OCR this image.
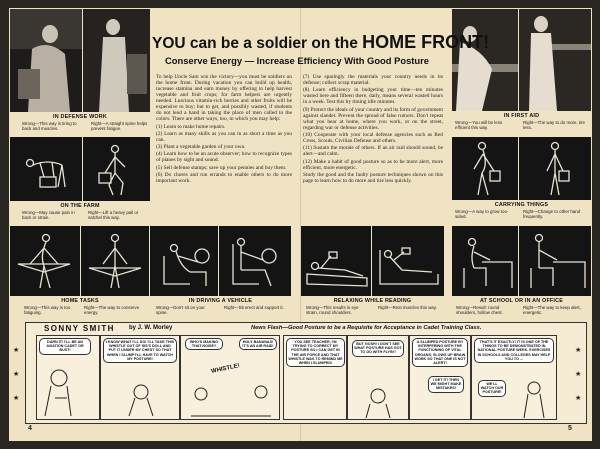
IN DEFENSE WORK
Wrong—This way is tiring to back and muscles.
Right—A straight spine helps prevent fatigue.
IN FIRST AID
Wrong—You will be less efficient this way.
Right—The way to do more, tire less.
YOU can be a soldier on the HOME FRONT!
Conserve Energy — Increase Efficiency With Good Posture

To help Uncle Sam win the victory—you must be soldiers on the home front. During vacation you can build up health, increase stamina and earn money by offering to help harvest vegetable and fruit crops; for farm helpers are urgently needed. Luscious vitamin-rich berries and other fruits will be expensive to buy; but to get, and possibly wasted, if students do not lend a hand in taking the place of men called to the colors. There are other ways, too, in which you may help:

(1) Learn to make home repairs.

(2) Learn as many skills as you can in as short a time as you can.

(3) Plant a vegetable garden of your own.

(4) Learn how to be an acute observer; how to recognize types of planes by sight and sound.

(5) Sell defense stamps; save up your pennies and buy them.

(6) Do chores and run errands to enable others to do more important work.

(7) Use sparingly the materials your country needs in its defense; collect scrap material.

(8) Learn efficiency in budgeting your time—ten minutes wasted here and fifteen there, daily, means several wasted hours in a week. Test this by timing idle minutes.

(9) Protect the ideals of your country and its form of government against slander. Prevent the spread of false rumors. Don't repeat what you hear at home, where you work, or on the street, regarding war or defense activities.

(10) Cooperate with your local defense agencies such as Red Cross, Scouts, Civilian Defense and others.

(11) Sustain the morale of others. If an air raid should sound, be alert—and calm.

(12) Make a habit of good posture so as to be more alert, more efficient, more energetic.

Study the good and the faulty posture techniques shown on this page to learn how to do more and tire less quickly.

ON THE FARM
Wrong—May cause pain in back or strain.
Right—Lift a heavy pail or satchel this way.
CARRYING THINGS
Wrong—A way to grow too-sided.
Right—Change to other hand frequently.
HOME TASKS	IN DRIVING A VEHICLE	RELAXING WHILE READING	AT SCHOOL OR IN AN OFFICE
Wrong—This way is too fatiguing.
Right—The way to conserve energy.
Wrong—Don't sit on your spine.
Right—Sit erect and support it.	Wrong—This results in eye strain, round shoulders.
Right—Rest muscles this way.	Wrong—Result: round shoulders, hollow chest.
Right—The way to keep alert, energetic.
SONNY SMITH by J. W. Morley	News Flash—Good Posture to be a Requisite for Acceptance in Cadet Training Class.
DARN IT! I'LL BE AN AVIATION CADET OR BUST!
I KNOW WHAT I'LL DO! I'LL TAKE THIS WHISTLE OUT OF SIS'S DOLL AND PUT IT UNDER MY CHEST SO THAT WHEN I SLUMP I'LL HAVE TO WATCH MY POSTURE!
WHO'S MAKING THAT NOISE?
HOLY BANANAS! IT'S AN AIR RAID!
WHISTLE!
YOU SEE TEACHER, I'M TRYING TO CORRECT MY POSTURE SO I CAN GET IN THE AIR FORCE AND THAT WHISTLE WAS TO REMIND ME WHEN I SLUMPED!
BUT GOSH! I DON'T SEE WHAT POSTURE HAS GOT TO DO WITH FLYIN'!
A SLUMPED POSTURE BY INTERFERING WITH THE FUNCTIONING OF VITAL ORGANS, SLOWS UP BRAIN WORK SO THAT ONE IS NOT ALERT!
I GET IT! THEN WE MIGHT MAKE MISTAKES!
THAT'S IT EXACTLY! IT IS ONE OF THE THINGS TO BE DEMONSTRATED IN NATIONAL POSTURE WEEK. EXERCISES IN SCHOOLS AND COLLEGES MAY HELP YOU TO ...
WE'LL WATCH OUR POSTURE!
★
★
★
★
★
★
4	5
